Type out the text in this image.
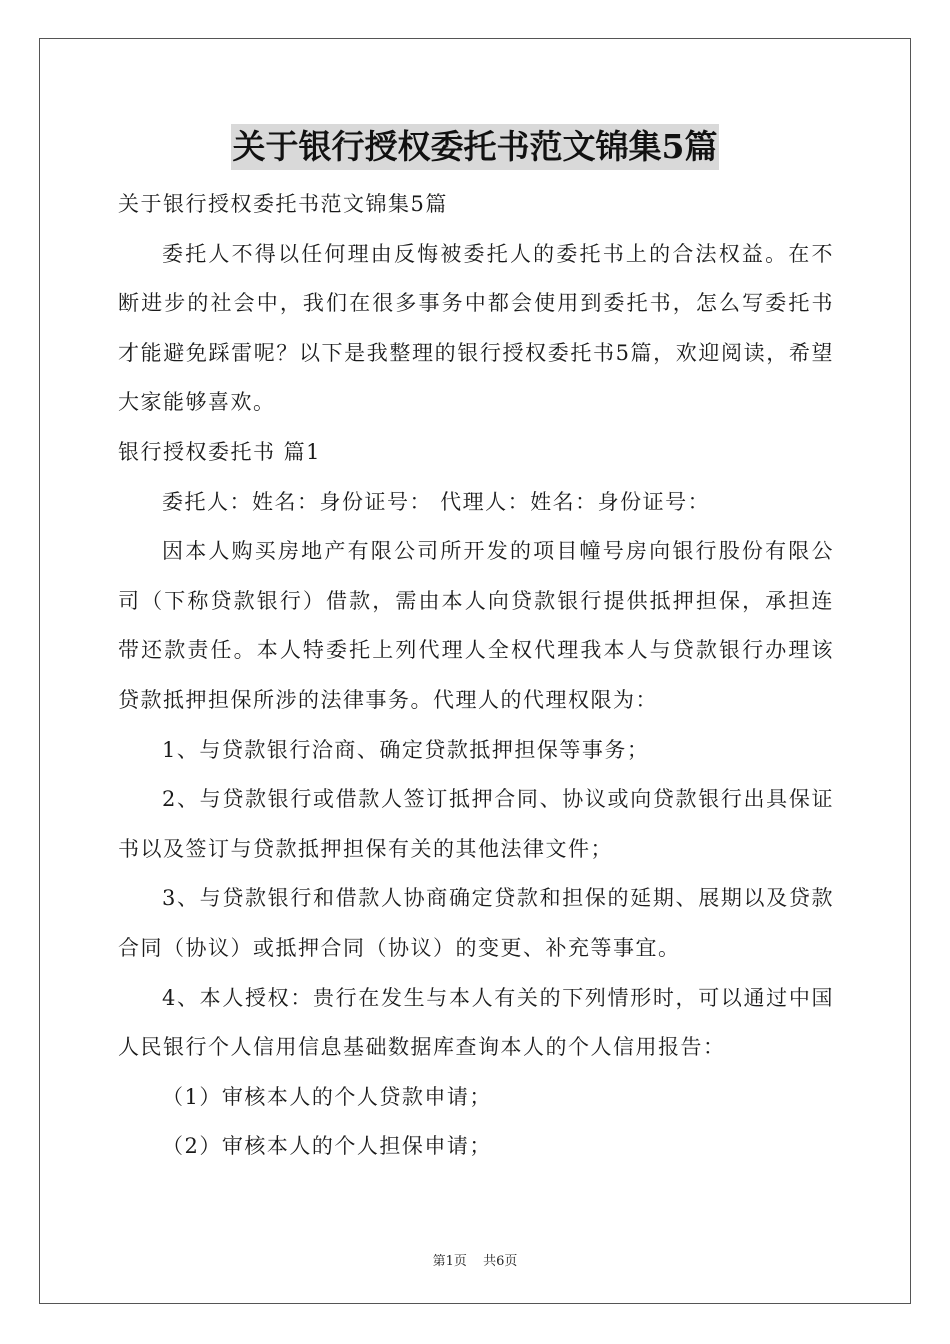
关于银行授权委托书范文锦集5篇

关于银行授权委托书范文锦集5篇

委托人不得以任何理由反悔被委托人的委托书上的合法权益。在不断进步的社会中，我们在很多事务中都会使用到委托书，怎么写委托书才能避免踩雷呢？以下是我整理的银行授权委托书5篇，欢迎阅读，希望大家能够喜欢。

银行授权委托书 篇1

委托人：姓名：身份证号： 代理人：姓名：身份证号：

因本人购买房地产有限公司所开发的项目幢号房向银行股份有限公司（下称贷款银行）借款，需由本人向贷款银行提供抵押担保，承担连带还款责任。本人特委托上列代理人全权代理我本人与贷款银行办理该贷款抵押担保所涉的法律事务。代理人的代理权限为：

1、与贷款银行洽商、确定贷款抵押担保等事务；

2、与贷款银行或借款人签订抵押合同、协议或向贷款银行出具保证书以及签订与贷款抵押担保有关的其他法律文件；

3、与贷款银行和借款人协商确定贷款和担保的延期、展期以及贷款合同（协议）或抵押合同（协议）的变更、补充等事宜。

4、本人授权：贵行在发生与本人有关的下列情形时，可以通过中国人民银行个人信用信息基础数据库查询本人的个人信用报告：

（1）审核本人的个人贷款申请；

（2）审核本人的个人担保申请；

第1页 共6页
